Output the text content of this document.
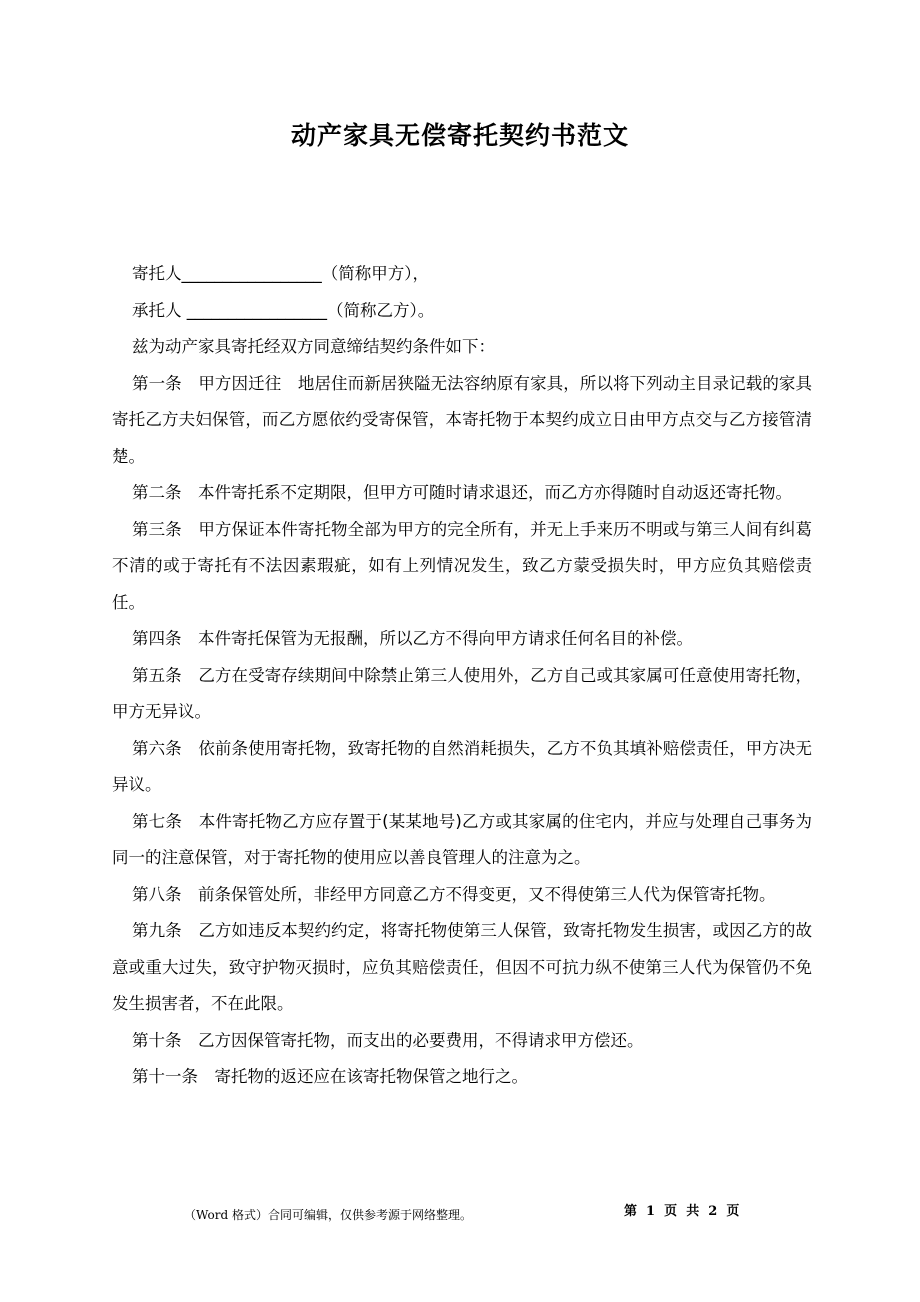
动产家具无偿寄托契约书范文

寄托人_________________（简称甲方），

承托人 _________________（简称乙方）。

兹为动产家具寄托经双方同意缔结契约条件如下：

第一条　甲方因迁往　地居住而新居狭隘无法容纳原有家具，所以将下列动主目录记载的家具寄托乙方夫妇保管，而乙方愿依约受寄保管，本寄托物于本契约成立日由甲方点交与乙方接管清楚。

第二条　本件寄托系不定期限，但甲方可随时请求退还，而乙方亦得随时自动返还寄托物。

第三条　甲方保证本件寄托物全部为甲方的完全所有，并无上手来历不明或与第三人间有纠葛不清的或于寄托有不法因素瑕疵，如有上列情况发生，致乙方蒙受损失时，甲方应负其赔偿责任。

第四条　本件寄托保管为无报酬，所以乙方不得向甲方请求任何名目的补偿。

第五条　乙方在受寄存续期间中除禁止第三人使用外，乙方自己或其家属可任意使用寄托物，甲方无异议。

第六条　依前条使用寄托物，致寄托物的自然消耗损失，乙方不负其填补赔偿责任，甲方决无异议。

第七条　本件寄托物乙方应存置于(某某地号)乙方或其家属的住宅内，并应与处理自己事务为同一的注意保管，对于寄托物的使用应以善良管理人的注意为之。

第八条　前条保管处所，非经甲方同意乙方不得变更，又不得使第三人代为保管寄托物。

第九条　乙方如违反本契约约定，将寄托物使第三人保管，致寄托物发生损害，或因乙方的故意或重大过失，致守护物灭损时，应负其赔偿责任，但因不可抗力纵不使第三人代为保管仍不免发生损害者，不在此限。

第十条　乙方因保管寄托物，而支出的必要费用，不得请求甲方偿还。

第十一条　寄托物的返还应在该寄托物保管之地行之。

（Word 格式）合同可编辑，仅供参考源于网络整理。	第  1  页  共  2  页
